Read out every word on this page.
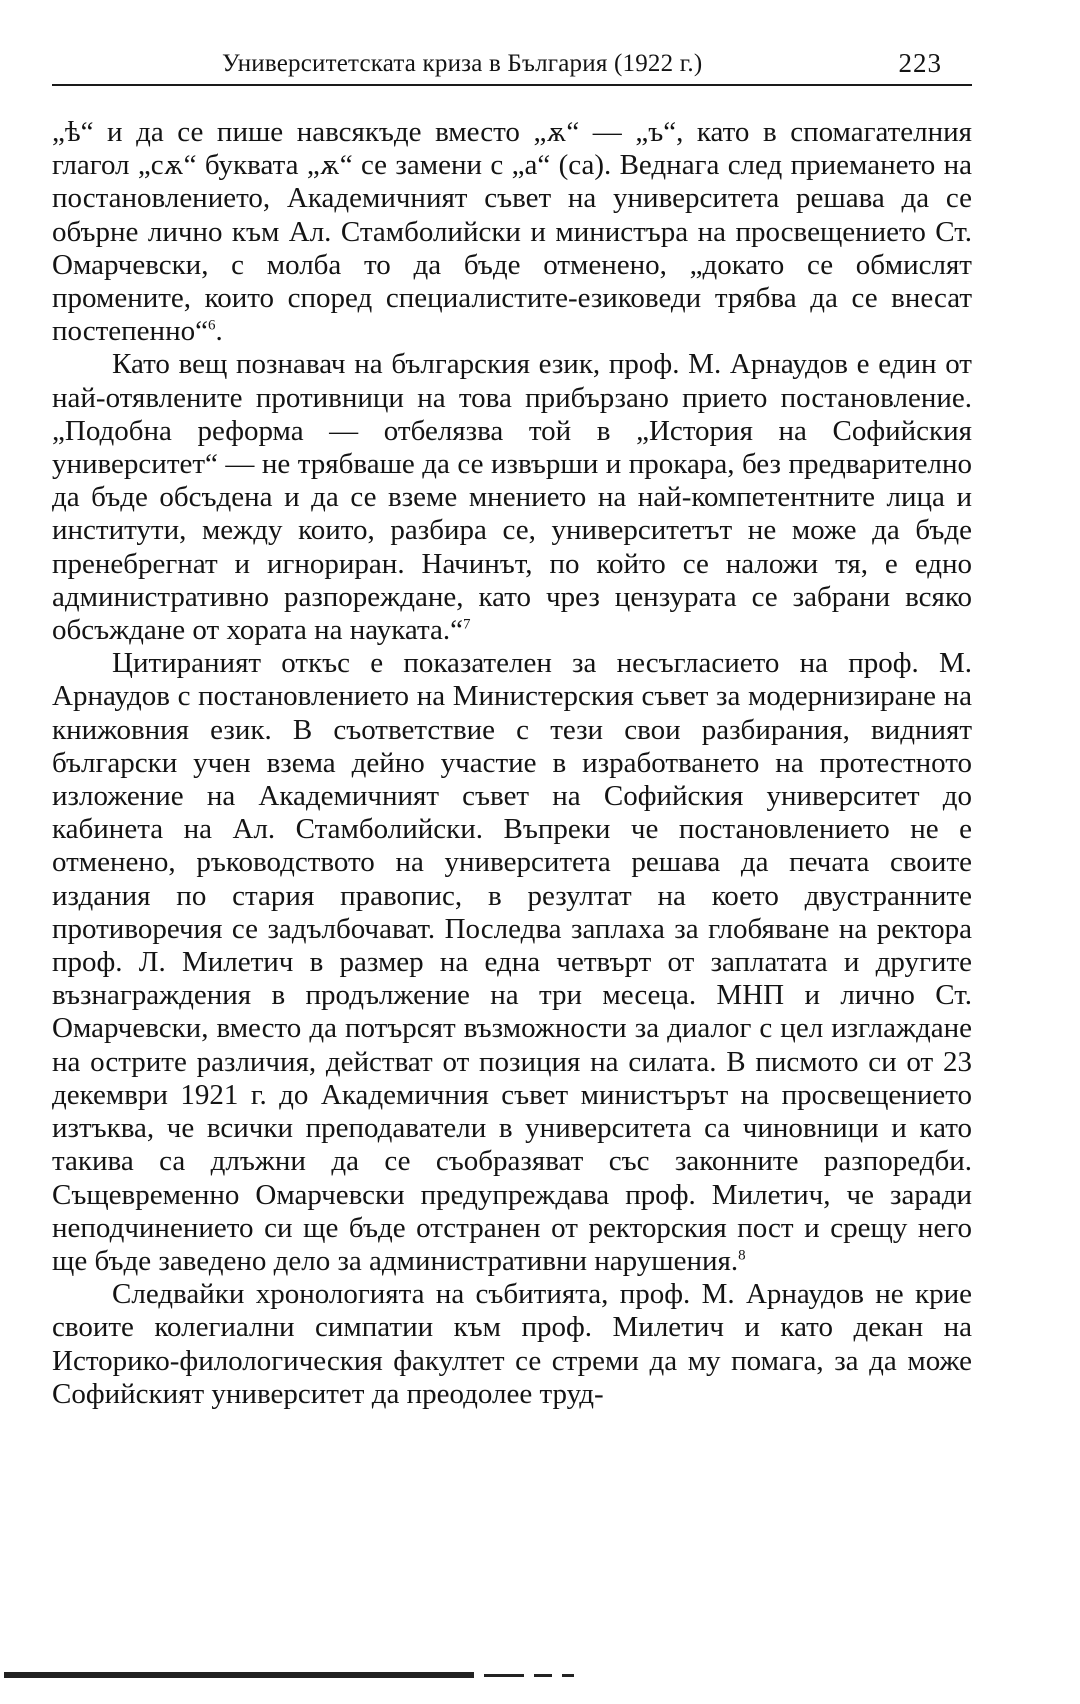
Университетската криза в България (1922 г.)	223

„ѣ“ и да се пише навсякъде вместо „ѫ“ — „ъ“, като в спомагателния глагол „сѫ“ буквата „ѫ“ се замени с „а“ (са). Веднага след приемането на постановлението, Академичният съвет на университета решава да се обърне лично към Ал. Стамболийски и министъра на просвещението Ст. Омарчевски, с молба то да бъде отменено, „докато се обмислят промените, които според специалистите-езиковеди трябва да се внесат постепенно“$^6$.

Като вещ познавач на българския език, проф. М. Арнаудов е един от най-отявлените противници на това прибързано прието постановление. „Подобна реформа — отбелязва той в „История на Софийския университет“ — не трябваше да се извърши и прокара, без предварително да бъде обсъдена и да се вземе мнението на най-компетентните лица и институти, между които, разбира се, университетът не може да бъде пренебрегнат и игнориран. Начинът, по който се наложи тя, е едно административно разпореждане, като чрез цензурата се забрани всяко обсъждане от хората на науката.“$^7$

Цитираният откъс е показателен за несъгласието на проф. М. Арнаудов с постановлението на Министерския съвет за модернизиране на книжовния език. В съответствие с тези свои разбирания, видният български учен взема дейно участие в изработването на протестното изложение на Академичният съвет на Софийския университет до кабинета на Ал. Стамболийски. Въпреки че постановлението не е отменено, ръководството на университета решава да печата своите издания по стария правопис, в резултат на което двустранните противоречия се задълбочават. Последва заплаха за глобяване на ректора проф. Л. Милетич в размер на една четвърт от заплатата и другите възнаграждения в продължение на три месеца. МНП и лично Ст. Омарчевски, вместо да потърсят възможности за диалог с цел изглаждане на острите различия, действат от позиция на силата. В писмото си от 23 декември 1921 г. до Академичния съвет министърът на просвещението изтъква, че всички преподаватели в университета са чиновници и като такива са длъжни да се съобразяват със законните разпоредби. Същевременно Омарчевски предупреждава проф. Милетич, че заради неподчинението си ще бъде отстранен от ректорския пост и срещу него ще бъде заведено дело за административни нарушения.$^8$

Следвайки хронологията на събитията, проф. М. Арнаудов не крие своите колегиални симпатии към проф. Милетич и като декан на Историко-филологическия факултет се стреми да му помага, за да може Софийският университет да преодолее труд-
